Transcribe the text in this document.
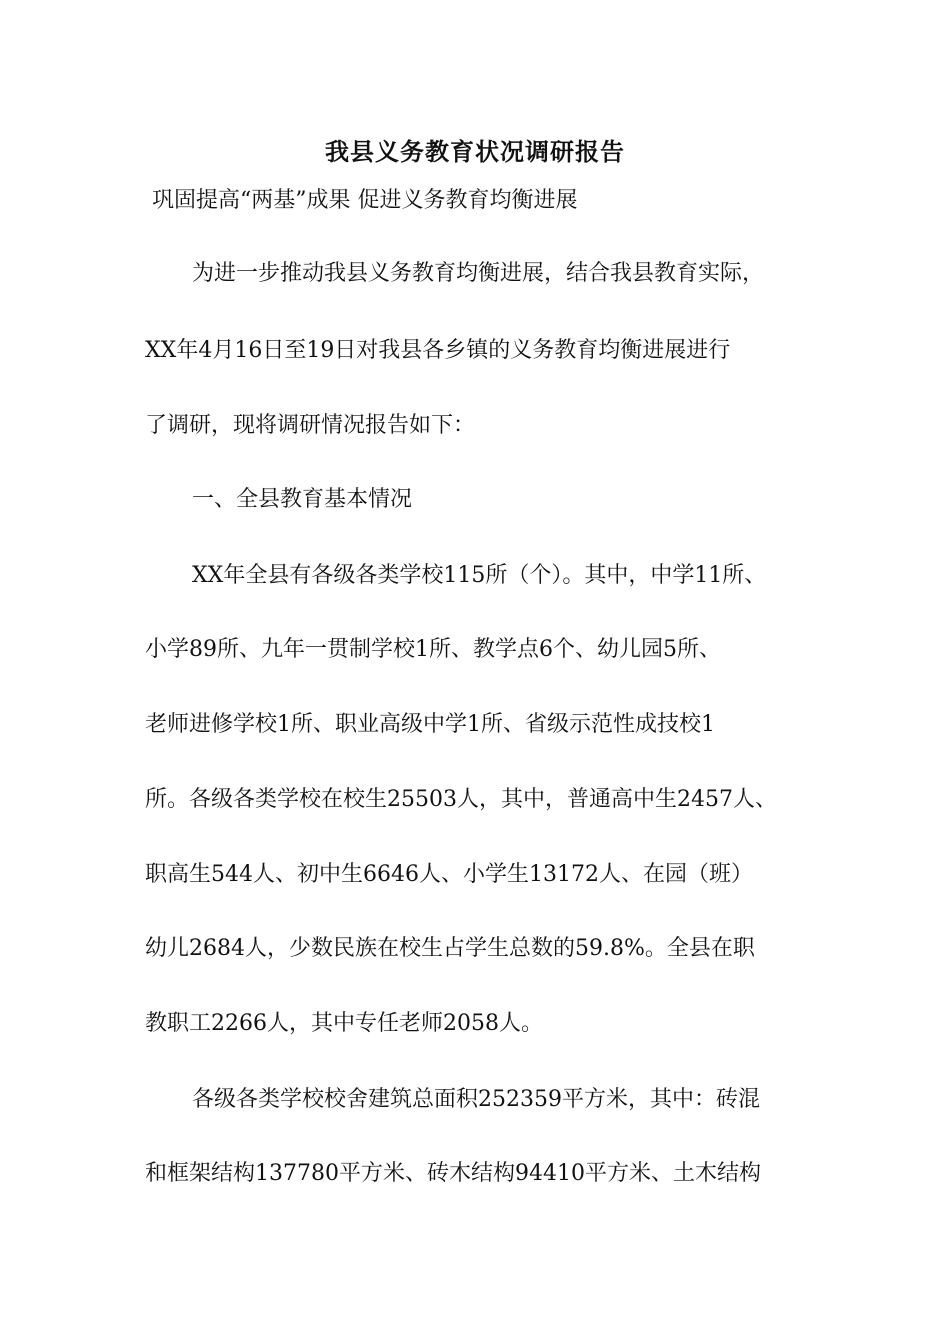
我县义务教育状况调研报告
巩固提高“两基”成果 促进义务教育均衡进展
为进一步推动我县义务教育均衡进展，结合我县教育实际，
XX年4月16日至19日对我县各乡镇的义务教育均衡进展进行
了调研，现将调研情况报告如下：
一、全县教育基本情况
XX年全县有各级各类学校115所（个）。其中，中学11所、
小学89所、九年一贯制学校1所、教学点6个、幼儿园5所、
老师进修学校1所、职业高级中学1所、省级示范性成技校1
所。各级各类学校在校生25503人，其中，普通高中生2457人、
职高生544人、初中生6646人、小学生13172人、在园（班）
幼儿2684人，少数民族在校生占学生总数的59.8%。全县在职
教职工2266人，其中专任老师2058人。
各级各类学校校舍建筑总面积252359平方米，其中：砖混
和框架结构137780平方米、砖木结构94410平方米、土木结构
